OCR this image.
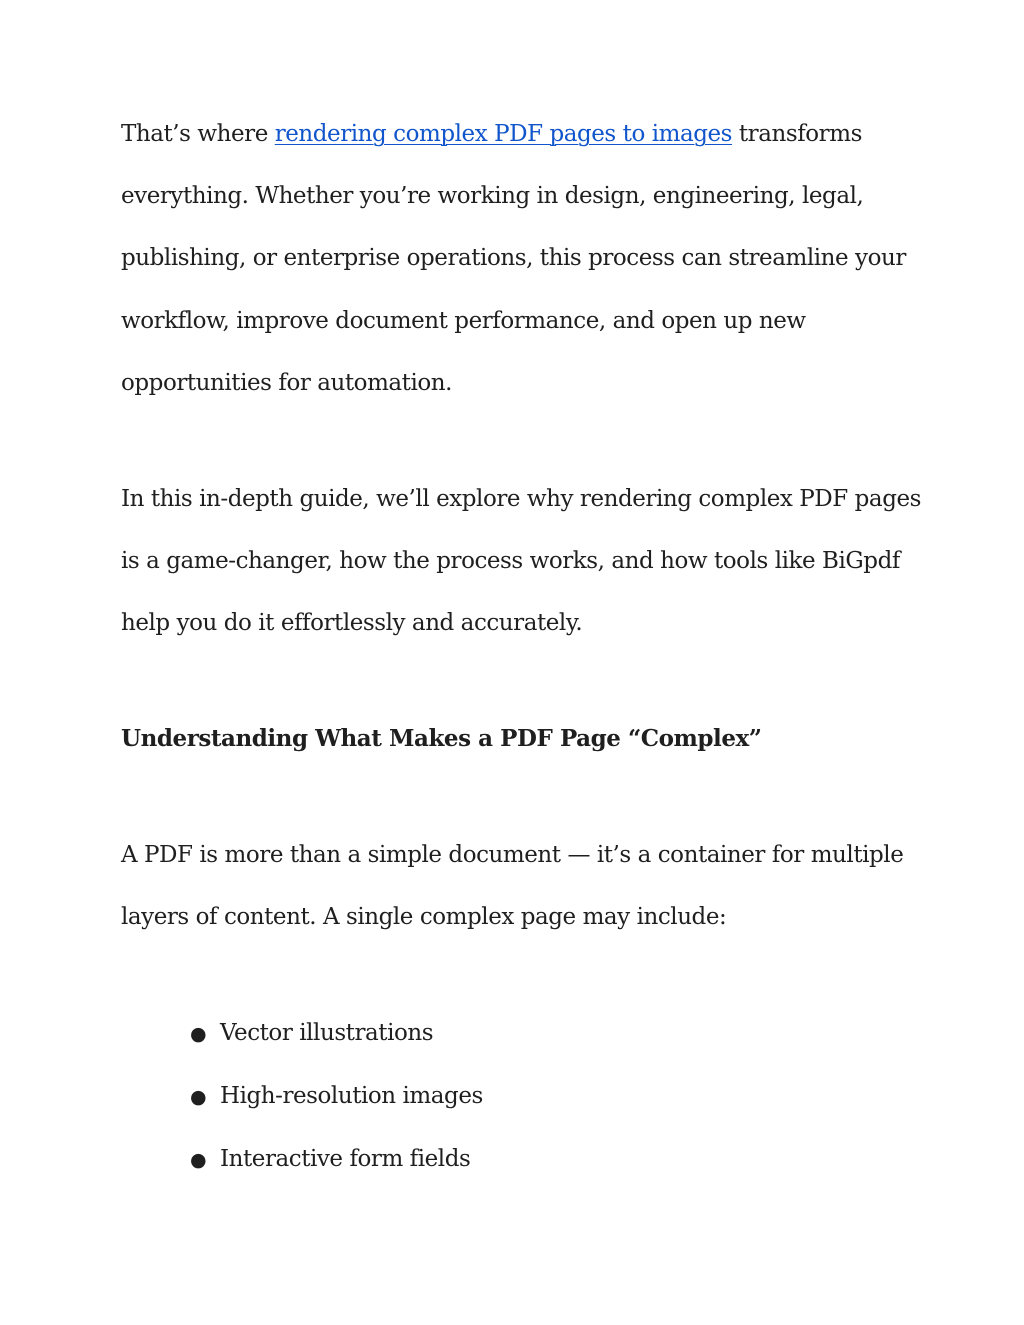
That’s where rendering complex PDF pages to images transforms
everything. Whether you’re working in design, engineering, legal,
publishing, or enterprise operations, this process can streamline your
workflow, improve document performance, and open up new
opportunities for automation.
In this in-depth guide, we’ll explore why rendering complex PDF pages
is a game-changer, how the process works, and how tools like BiGpdf
help you do it effortlessly and accurately.
Understanding What Makes a PDF Page “Complex”
A PDF is more than a simple document — it’s a container for multiple
layers of content. A single complex page may include:
● Vector illustrations
● High-resolution images
● Interactive form fields
